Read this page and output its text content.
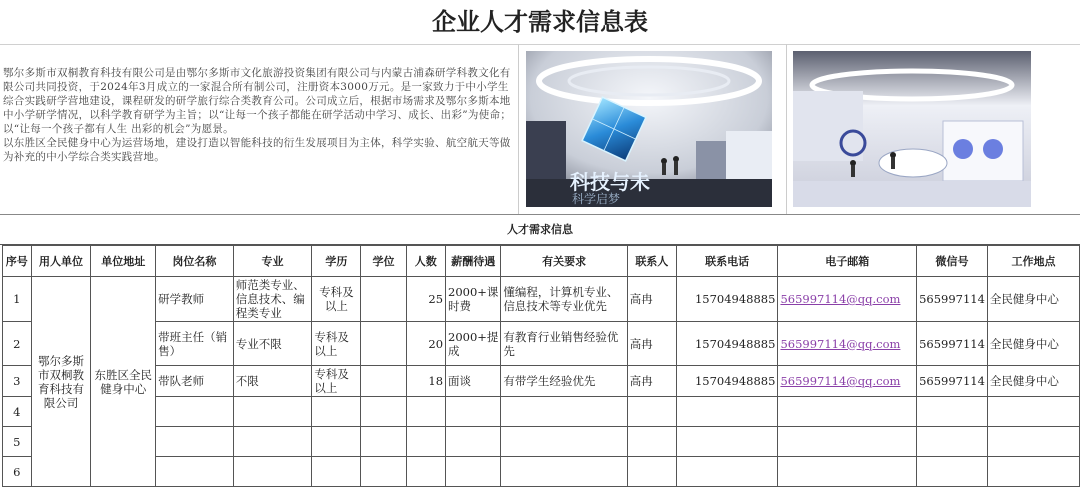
企业人才需求信息表

鄂尔多斯市双桐教育科技有限公司是由鄂尔多斯市文化旅游投资集团有限公司与内蒙古浦森研学科教文化有限公司共同投资，于2024年3月成立的一家混合所有制公司，注册资本3000万元。是一家致力于中小学生综合实践研学营地建设，课程研发的研学旅行综合类教育公司。公司成立后，根据市场需求及鄂尔多斯本地中小学研学情况，以科学教育研学为主旨；以“让每一个孩子都能在研学活动中学习、成长、出彩”为使命；以“让每一个孩子都有人生 出彩的机会”为愿景。

以东胜区全民健身中心为运营场地，建设打造以智能科技的衍生发展项目为主体，科学实验、航空航天等做为补充的中小学综合类实践营地。

科技与未
科学启梦
人才需求信息
序号	用人单位	单位地址	岗位名称	专业	学历	学位	人数	薪酬待遇	有关要求	联系人	联系电话	电子邮箱	微信号	工作地点
1	鄂尔多斯市双桐教育科技有限公司	东胜区全民健身中心	研学教师	师范类专业、信息技术、编程类专业	专科及以上		25	2000+课时费	懂编程，计算机专业、信息技术等专业优先	高冉	15704948885	565997114@qq.com	565997114	全民健身中心
2			带班主任（销售）	专业不限	专科及以上		20	2000+提成	有教育行业销售经验优先	高冉	15704948885	565997114@qq.com	565997114	全民健身中心
3			带队老师	不限	专科及以上		18	面谈	有带学生经验优先	高冉	15704948885	565997114@qq.com	565997114	全民健身中心
4														
5														
6														
